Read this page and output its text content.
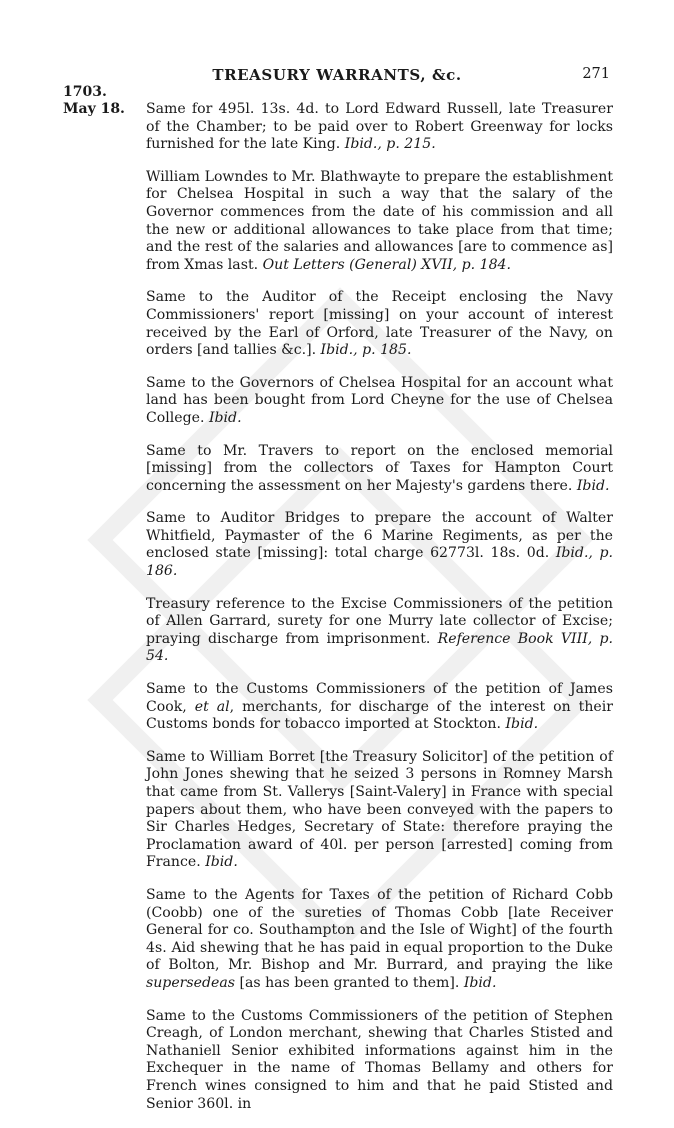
TREASURY WARRANTS, &c.	271
1703.
May 18. Same for 495l. 13s. 4d. to Lord Edward Russell, late Treasurer of the Chamber; to be paid over to Robert Greenway for locks furnished for the late King. Ibid., p. 215.

William Lowndes to Mr. Blathwayte to prepare the establishment for Chelsea Hospital in such a way that the salary of the Governor commences from the date of his commission and all the new or additional allowances to take place from that time; and the rest of the salaries and allowances [are to commence as] from Xmas last. Out Letters (General) XVII, p. 184.

Same to the Auditor of the Receipt enclosing the Navy Commissioners' report [missing] on your account of interest received by the Earl of Orford, late Treasurer of the Navy, on orders [and tallies &c.]. Ibid., p. 185.

Same to the Governors of Chelsea Hospital for an account what land has been bought from Lord Cheyne for the use of Chelsea College. Ibid.

Same to Mr. Travers to report on the enclosed memorial [missing] from the collectors of Taxes for Hampton Court concerning the assessment on her Majesty's gardens there. Ibid.

Same to Auditor Bridges to prepare the account of Walter Whitfield, Paymaster of the 6 Marine Regiments, as per the enclosed state [missing]: total charge 62773l. 18s. 0d. Ibid., p. 186.

Treasury reference to the Excise Commissioners of the petition of Allen Garrard, surety for one Murry late collector of Excise; praying discharge from imprisonment. Reference Book VIII, p. 54.

Same to the Customs Commissioners of the petition of James Cook, et al, merchants, for discharge of the interest on their Customs bonds for tobacco imported at Stockton. Ibid.

Same to William Borret [the Treasury Solicitor] of the petition of John Jones shewing that he seized 3 persons in Romney Marsh that came from St. Vallerys [Saint-Valery] in France with special papers about them, who have been conveyed with the papers to Sir Charles Hedges, Secretary of State: therefore praying the Proclamation award of 40l. per person [arrested] coming from France. Ibid.

Same to the Agents for Taxes of the petition of Richard Cobb (Coobb) one of the sureties of Thomas Cobb [late Receiver General for co. Southampton and the Isle of Wight] of the fourth 4s. Aid shewing that he has paid in equal proportion to the Duke of Bolton, Mr. Bishop and Mr. Burrard, and praying the like supersedeas [as has been granted to them]. Ibid.

Same to the Customs Commissioners of the petition of Stephen Creagh, of London merchant, shewing that Charles Stisted and Nathaniell Senior exhibited informations against him in the Exchequer in the name of Thomas Bellamy and others for French wines consigned to him and that he paid Stisted and Senior 360l. in
